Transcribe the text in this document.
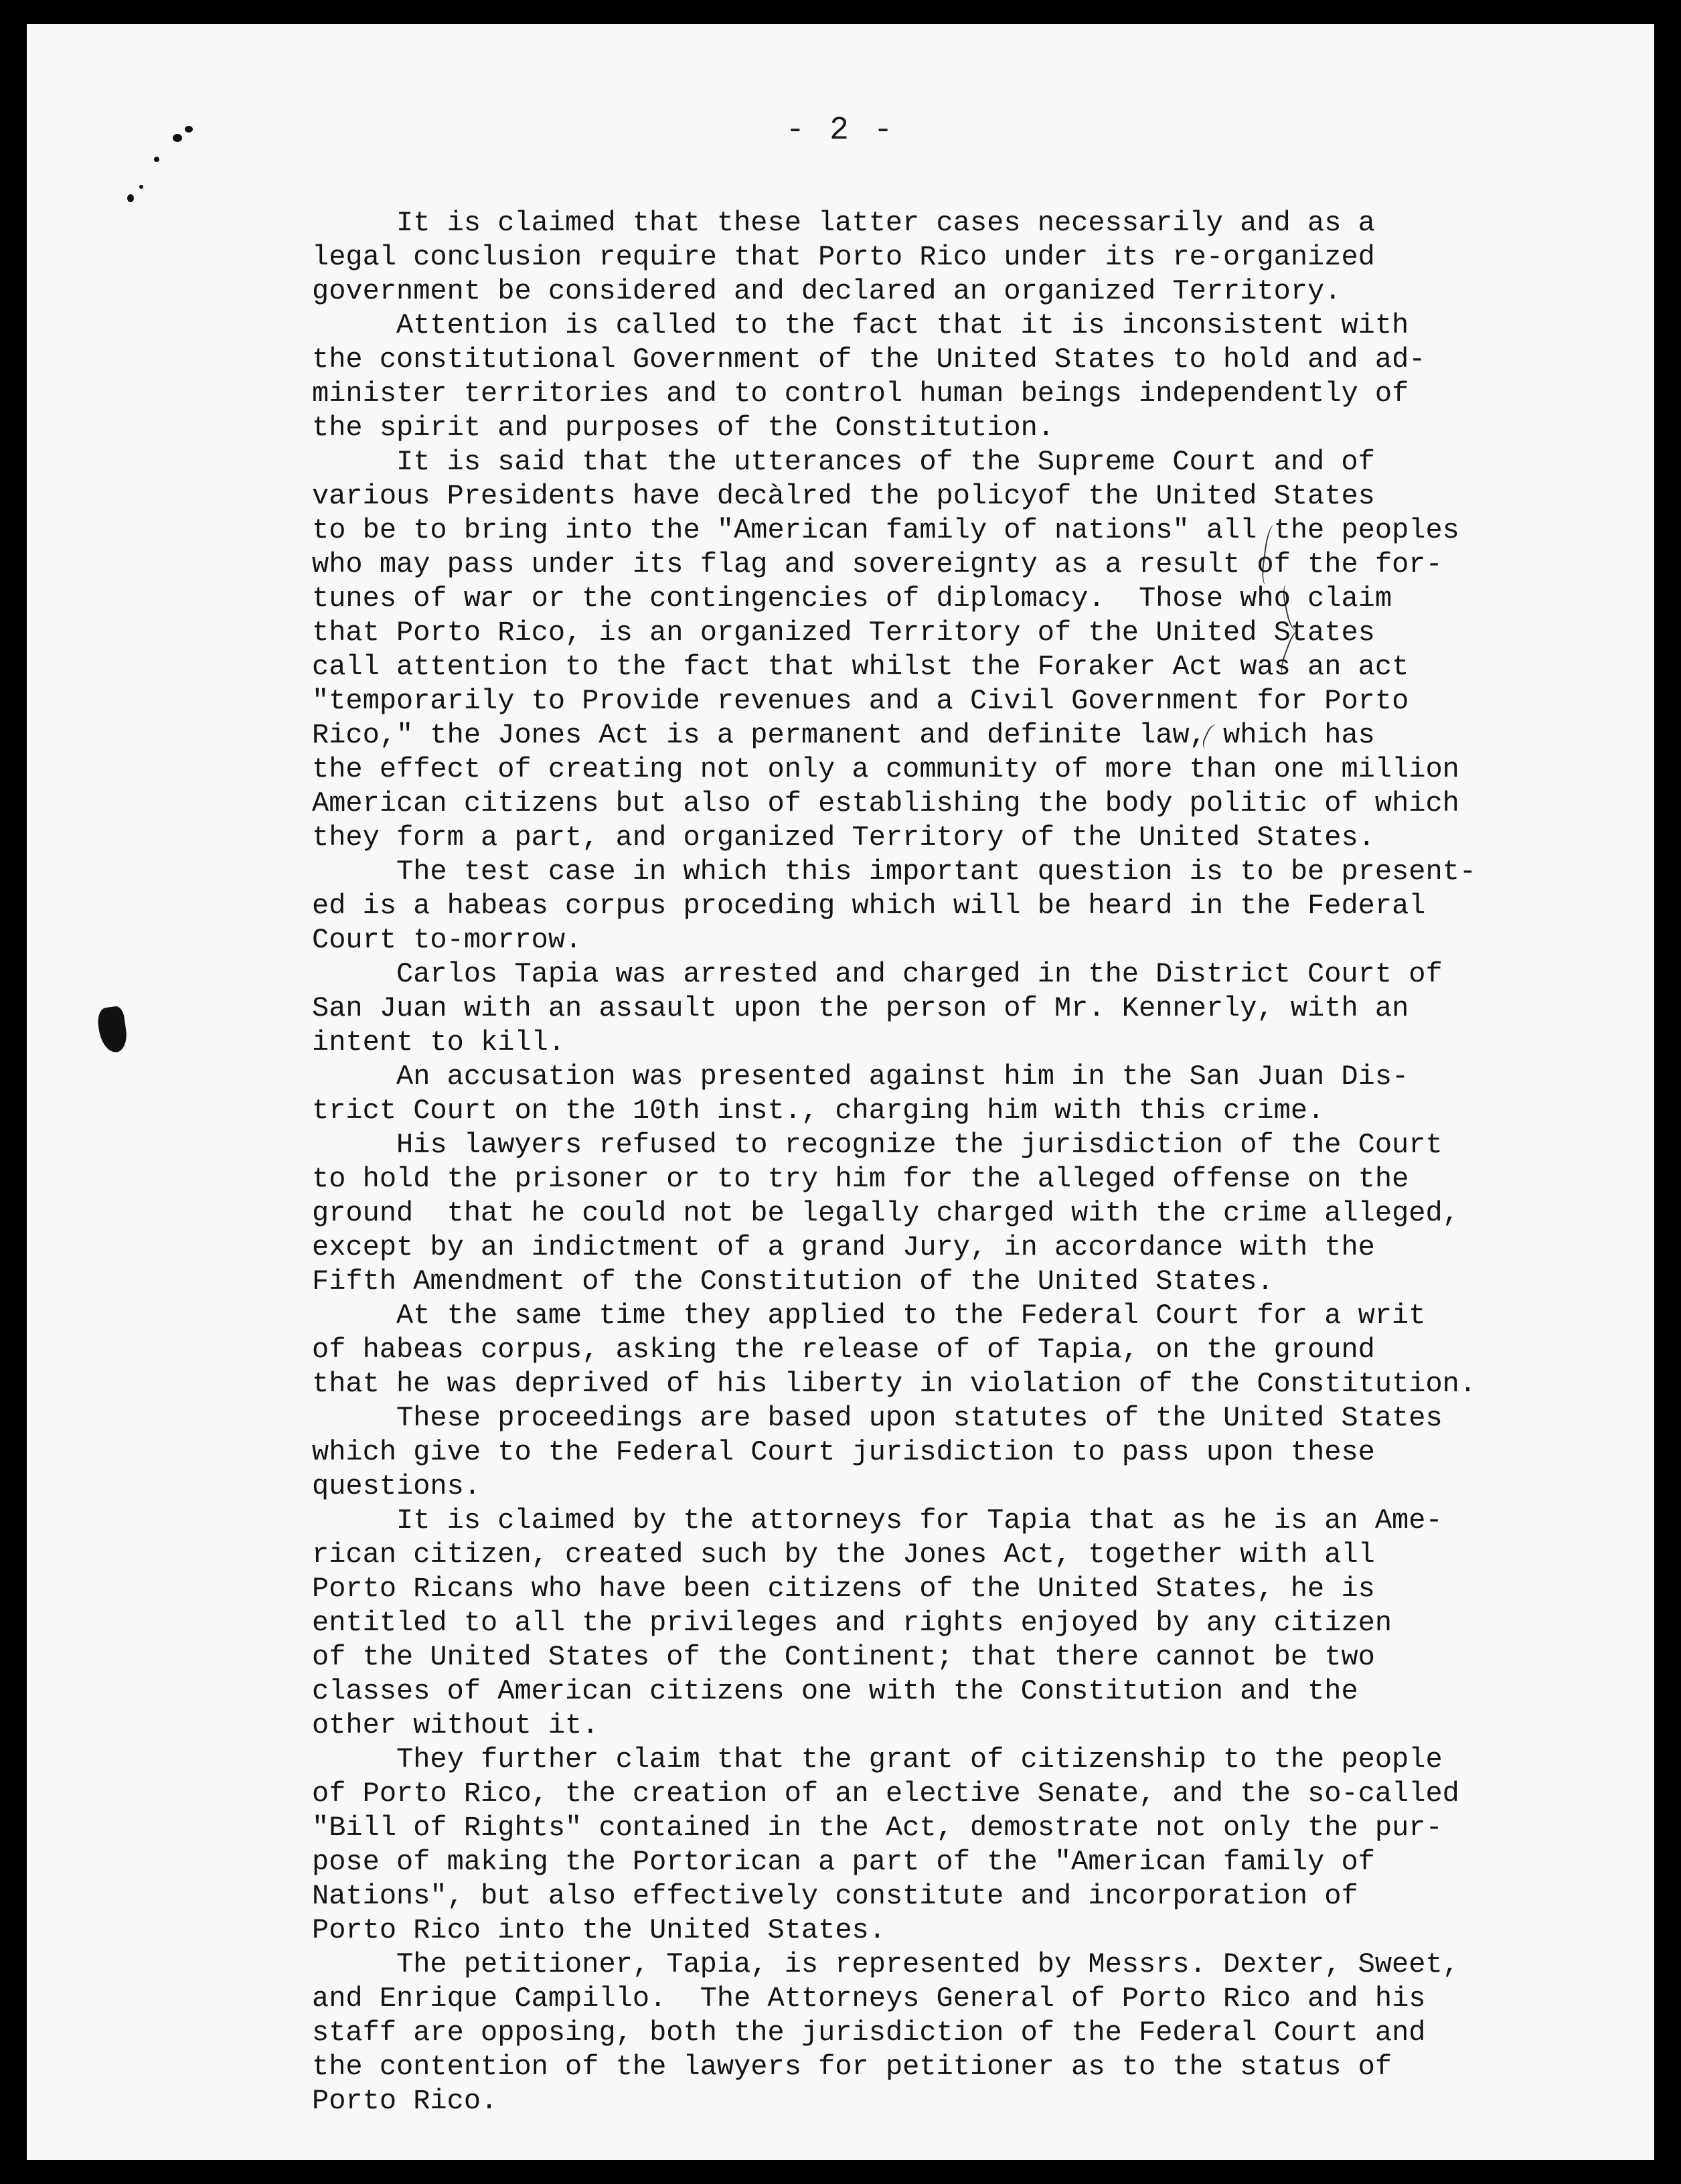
- 2 -

It is claimed that these latter cases necessarily and as a
legal conclusion require that Porto Rico under its re-organized
government be considered and declared an organized Territory.
Attention is called to the fact that it is inconsistent with
the constitutional Government of the United States to hold and ad-
minister territories and to control human beings independently of
the spirit and purposes of the Constitution.
It is said that the utterances of the Supreme Court and of
various Presidents have decàlred the policyof the United States
to be to bring into the "American family of nations" all the peoples
who may pass under its flag and sovereignty as a result of the for-
tunes of war or the contingencies of diplomacy.  Those who claim
that Porto Rico, is an organized Territory of the United States
call attention to the fact that whilst the Foraker Act was an act
"temporarily to Provide revenues and a Civil Government for Porto
Rico," the Jones Act is a permanent and definite law, which has
the effect of creating not only a community of more than one million
American citizens but also of establishing the body politic of which
they form a part, and organized Territory of the United States.
The test case in which this important question is to be present-
ed is a habeas corpus proceding which will be heard in the Federal
Court to-morrow.
Carlos Tapia was arrested and charged in the District Court of
San Juan with an assault upon the person of Mr. Kennerly, with an
intent to kill.
An accusation was presented against him in the San Juan Dis-
trict Court on the 10th inst., charging him with this crime.
His lawyers refused to recognize the jurisdiction of the Court
to hold the prisoner or to try him for the alleged offense on the
ground  that he could not be legally charged with the crime alleged,
except by an indictment of a grand Jury, in accordance with the
Fifth Amendment of the Constitution of the United States.
At the same time they applied to the Federal Court for a writ
of habeas corpus, asking the release of of Tapia, on the ground
that he was deprived of his liberty in violation of the Constitution.
These proceedings are based upon statutes of the United States
which give to the Federal Court jurisdiction to pass upon these
questions.
It is claimed by the attorneys for Tapia that as he is an Ame-
rican citizen, created such by the Jones Act, together with all
Porto Ricans who have been citizens of the United States, he is
entitled to all the privileges and rights enjoyed by any citizen
of the United States of the Continent; that there cannot be two
classes of American citizens one with the Constitution and the
other without it.
They further claim that the grant of citizenship to the people
of Porto Rico, the creation of an elective Senate, and the so-called
"Bill of Rights" contained in the Act, demostrate not only the pur-
pose of making the Portorican a part of the "American family of
Nations", but also effectively constitute and incorporation of
Porto Rico into the United States.
The petitioner, Tapia, is represented by Messrs. Dexter, Sweet,
and Enrique Campillo.  The Attorneys General of Porto Rico and his
staff are opposing, both the jurisdiction of the Federal Court and
the contention of the lawyers for petitioner as to the status of
Porto Rico.
